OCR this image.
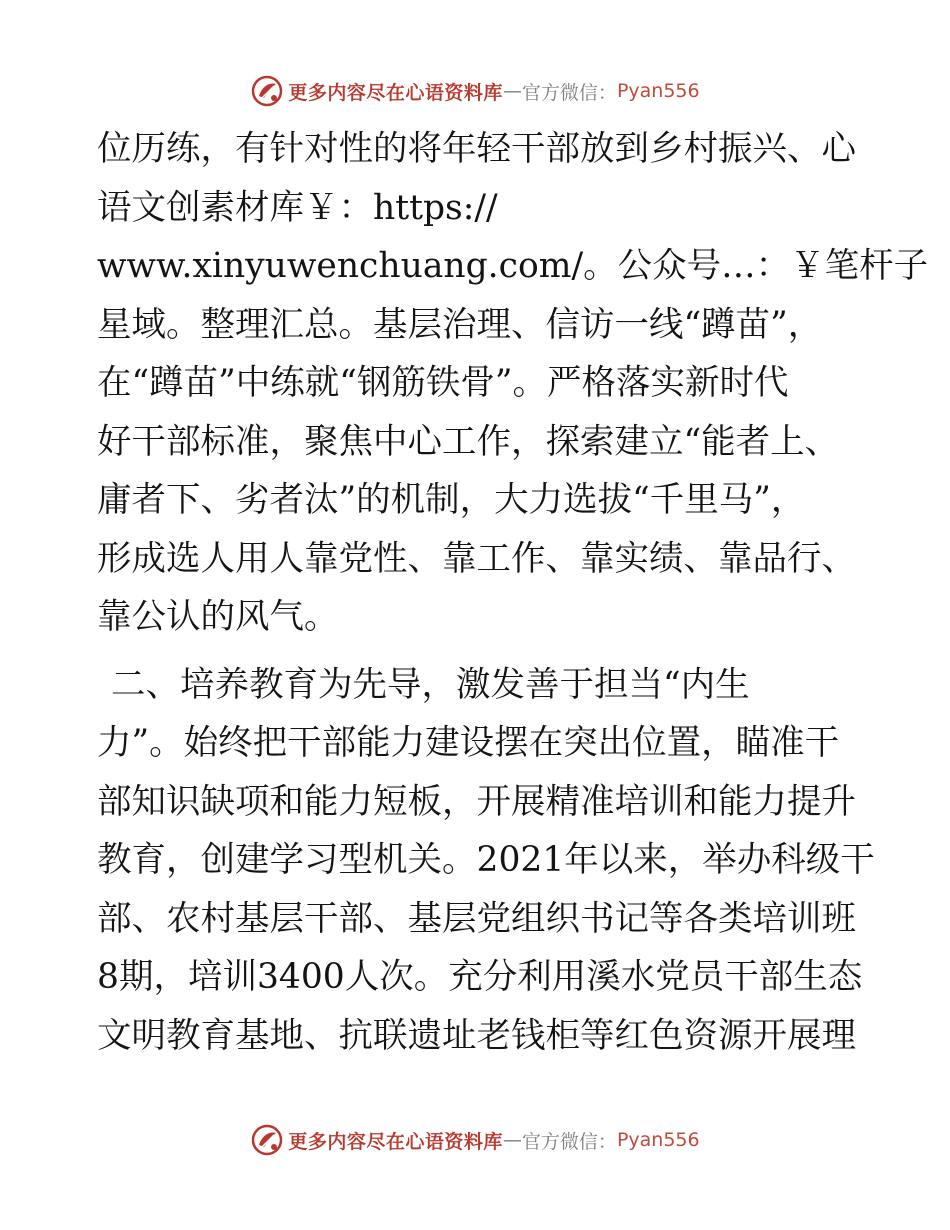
更多内容尽在心语资料库 — 官方微信： Pyan556
位历练，有针对性的将年轻干部放到乡村振兴、心
语文创素材库￥：https://
www.xinyuwenchuang.com/。公众号…：￥笔杆子
星域。整理汇总。基层治理、信访一线“蹲苗”，
在“蹲苗”中练就“钢筋铁骨”。严格落实新时代
好干部标准，聚焦中心工作，探索建立“能者上、
庸者下、劣者汰”的机制，大力选拔“千里马”，
形成选人用人靠党性、靠工作、靠实绩、靠品行、
靠公认的风气。
二、培养教育为先导，激发善于担当“内生
力”。始终把干部能力建设摆在突出位置，瞄准干
部知识缺项和能力短板，开展精准培训和能力提升
教育，创建学习型机关。2021年以来，举办科级干
部、农村基层干部、基层党组织书记等各类培训班
8期，培训3400人次。充分利用溪水党员干部生态
文明教育基地、抗联遗址老钱柜等红色资源开展理
更多内容尽在心语资料库 — 官方微信： Pyan556
